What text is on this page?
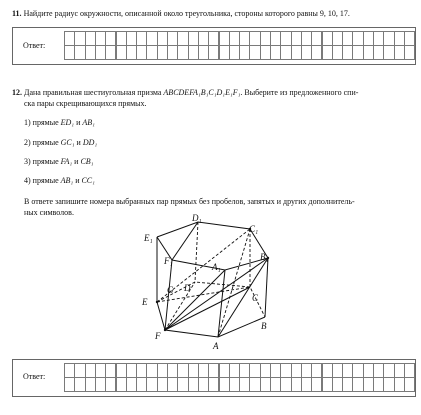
11. Найдите радиус окружности, описанной около треугольника, стороны которого равны 9, 10, 17.
Ответ:
12. Дана правильная шестиугольная призма ABCDEFA₁B₁C₁D₁E₁F₁. Выберите из предложенного спи-
ска пары скрещивающихся прямых.
1) прямые ED₁ и AB₁
2) прямые GC₁ и DD₁
3) прямые FA₁ и CB₁
4) прямые AB₁ и CC₁
В ответе запишите номера выбранных пар прямых без пробелов, запятых и других дополнитель-
ных символов.
D₁
C₁
E₁
B₁
F₁
A₁
G D
E	C
F
B
A
Ответ:
